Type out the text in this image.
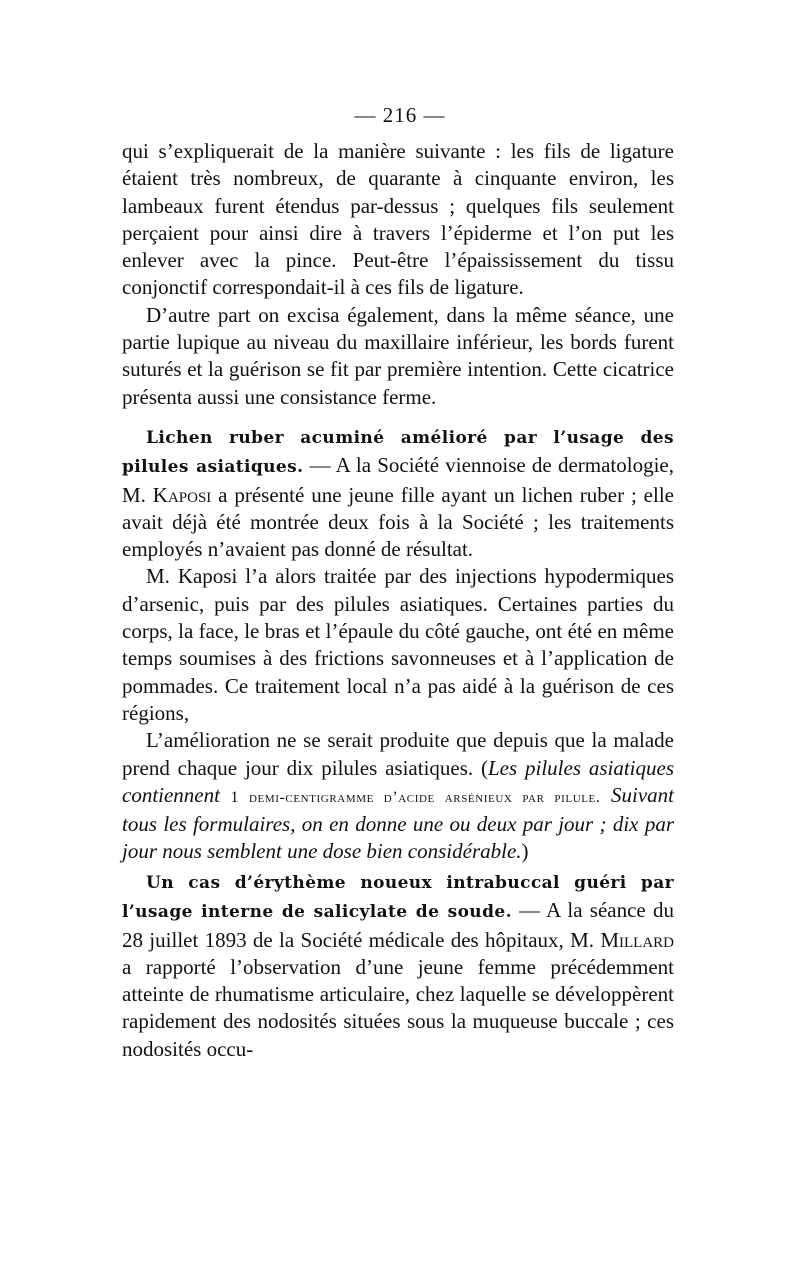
— 216 —

qui s’expliquerait de la manière suivante : les fils de ligature étaient très nombreux, de quarante à cinquante environ, les lambeaux furent étendus par-dessus ; quelques fils seulement perçaient pour ainsi dire à travers l’épiderme et l’on put les enlever avec la pince. Peut-être l’épaississement du tissu conjonctif correspondait-il à ces fils de ligature.

D’autre part on excisa également, dans la même séance, une partie lupique au niveau du maxillaire inférieur, les bords furent suturés et la guérison se fit par première intention. Cette cicatrice présenta aussi une consistance ferme.

Lichen ruber acuminé amélioré par l’usage des pilules asiatiques. — A la Société viennoise de dermatologie, M. Kaposi a présenté une jeune fille ayant un lichen ruber ; elle avait déjà été montrée deux fois à la Société ; les traitements employés n’avaient pas donné de résultat.

M. Kaposi l’a alors traitée par des injections hypodermiques d’arsenic, puis par des pilules asiatiques. Certaines parties du corps, la face, le bras et l’épaule du côté gauche, ont été en même temps soumises à des frictions savonneuses et à l’application de pommades. Ce traitement local n’a pas aidé à la guérison de ces régions,

L’amélioration ne se serait produite que depuis que la malade prend chaque jour dix pilules asiatiques. (Les pilules asiatiques contiennent 1 demi-centigramme d’acide arsénieux par pilule. Suivant tous les formulaires, on en donne une ou deux par jour ; dix par jour nous semblent une dose bien considérable.)

Un cas d’érythème noueux intrabuccal guéri par l’usage interne de salicylate de soude. — A la séance du 28 juillet 1893 de la Société médicale des hôpitaux, M. Millard a rapporté l’observation d’une jeune femme précédemment atteinte de rhumatisme articulaire, chez laquelle se développèrent rapidement des nodosités situées sous la muqueuse buccale ; ces nodosités occu-
